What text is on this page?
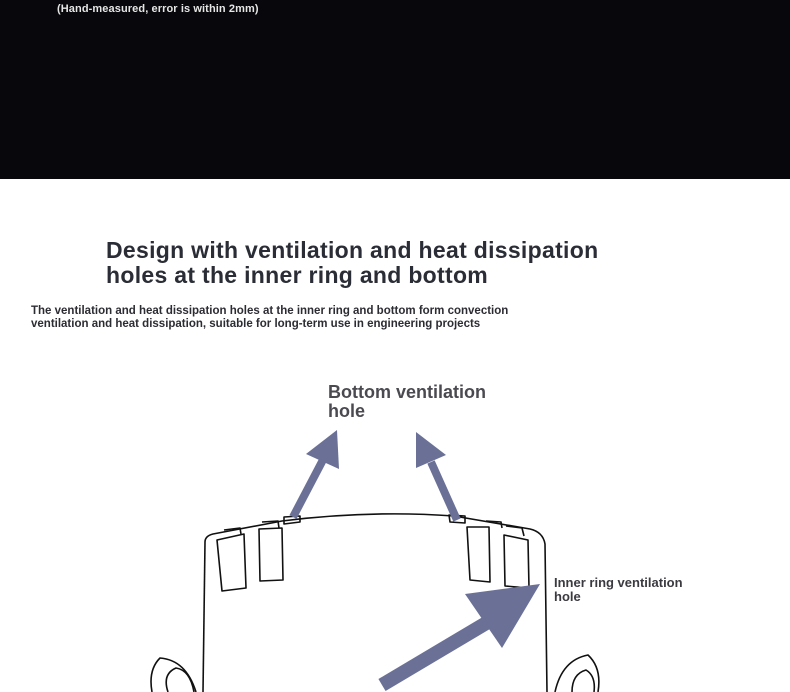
(Hand-measured, error is within 2mm)
Design with ventilation and heat dissipation
holes at the inner ring and bottom
The ventilation and heat dissipation holes at the inner ring and bottom form convection
ventilation and heat dissipation, suitable for long-term use in engineering projects
Bottom ventilation
hole
Inner ring ventilation
hole
